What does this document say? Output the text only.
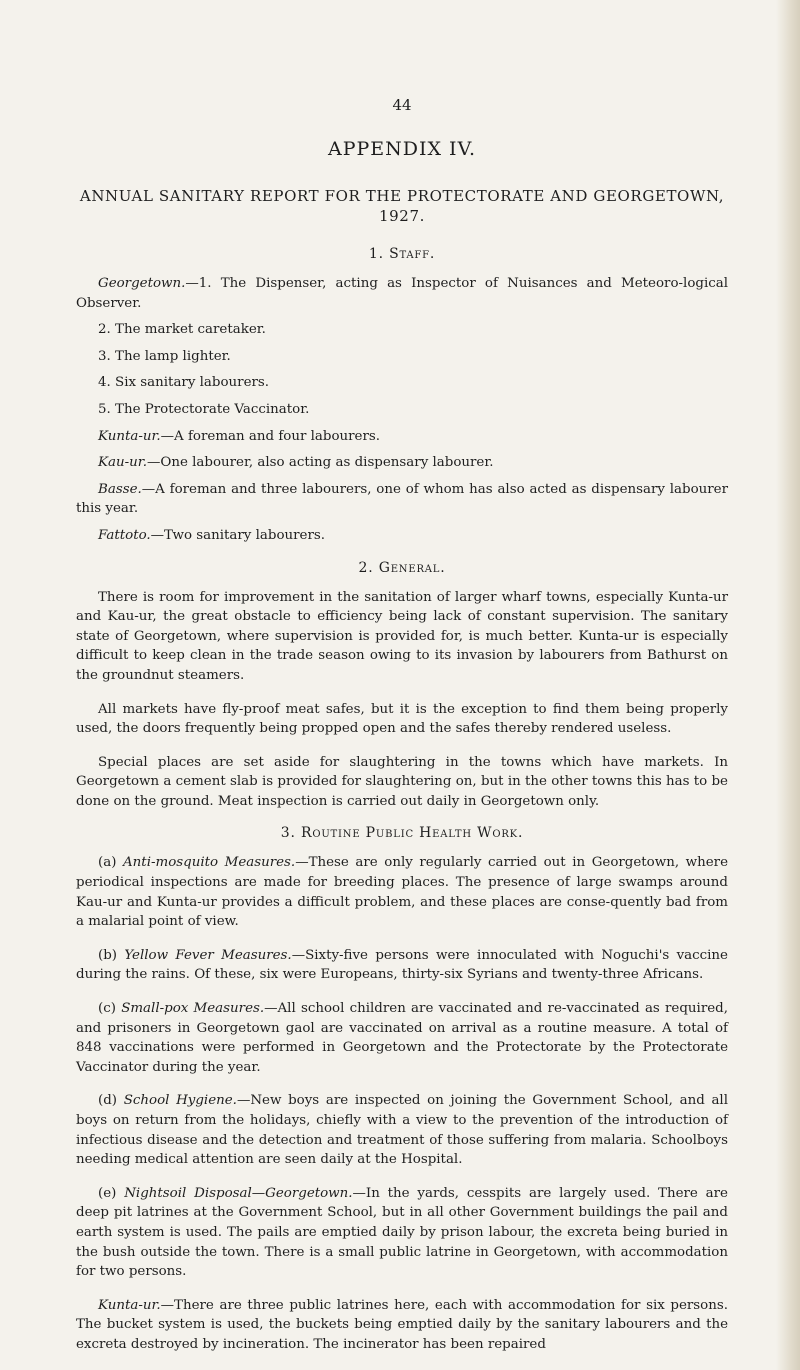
44
APPENDIX IV.
ANNUAL SANITARY REPORT FOR THE PROTECTORATE AND GEORGETOWN, 1927.
1. Staff.

Georgetown.—1. The Dispenser, acting as Inspector of Nuisances and Meteoro-logical Observer.

2. The market caretaker.

3. The lamp lighter.

4. Six sanitary labourers.

5. The Protectorate Vaccinator.

Kunta-ur.—A foreman and four labourers.

Kau-ur.—One labourer, also acting as dispensary labourer.

Basse.—A foreman and three labourers, one of whom has also acted as dispensary labourer this year.

Fattoto.—Two sanitary labourers.

2. General.

There is room for improvement in the sanitation of larger wharf towns, especially Kunta-ur and Kau-ur, the great obstacle to efficiency being lack of constant supervision. The sanitary state of Georgetown, where supervision is provided for, is much better. Kunta-ur is especially difficult to keep clean in the trade season owing to its invasion by labourers from Bathurst on the groundnut steamers.

All markets have fly-proof meat safes, but it is the exception to find them being properly used, the doors frequently being propped open and the safes thereby rendered useless.

Special places are set aside for slaughtering in the towns which have markets. In Georgetown a cement slab is provided for slaughtering on, but in the other towns this has to be done on the ground. Meat inspection is carried out daily in Georgetown only.

3. Routine Public Health Work.

(a) Anti-mosquito Measures.—These are only regularly carried out in Georgetown, where periodical inspections are made for breeding places. The presence of large swamps around Kau-ur and Kunta-ur provides a difficult problem, and these places are conse-quently bad from a malarial point of view.

(b) Yellow Fever Measures.—Sixty-five persons were innoculated with Noguchi's vaccine during the rains. Of these, six were Europeans, thirty-six Syrians and twenty-three Africans.

(c) Small-pox Measures.—All school children are vaccinated and re-vaccinated as required, and prisoners in Georgetown gaol are vaccinated on arrival as a routine measure. A total of 848 vaccinations were performed in Georgetown and the Protectorate by the Protectorate Vaccinator during the year.

(d) School Hygiene.—New boys are inspected on joining the Government School, and all boys on return from the holidays, chiefly with a view to the prevention of the introduction of infectious disease and the detection and treatment of those suffering from malaria. Schoolboys needing medical attention are seen daily at the Hospital.

(e) Nightsoil Disposal—Georgetown.—In the yards, cesspits are largely used. There are deep pit latrines at the Government School, but in all other Government buildings the pail and earth system is used. The pails are emptied daily by prison labour, the excreta being buried in the bush outside the town. There is a small public latrine in Georgetown, with accommodation for two persons.

Kunta-ur.—There are three public latrines here, each with accommodation for six persons. The bucket system is used, the buckets being emptied daily by the sanitary labourers and the excreta destroyed by incineration. The incinerator has been repaired
